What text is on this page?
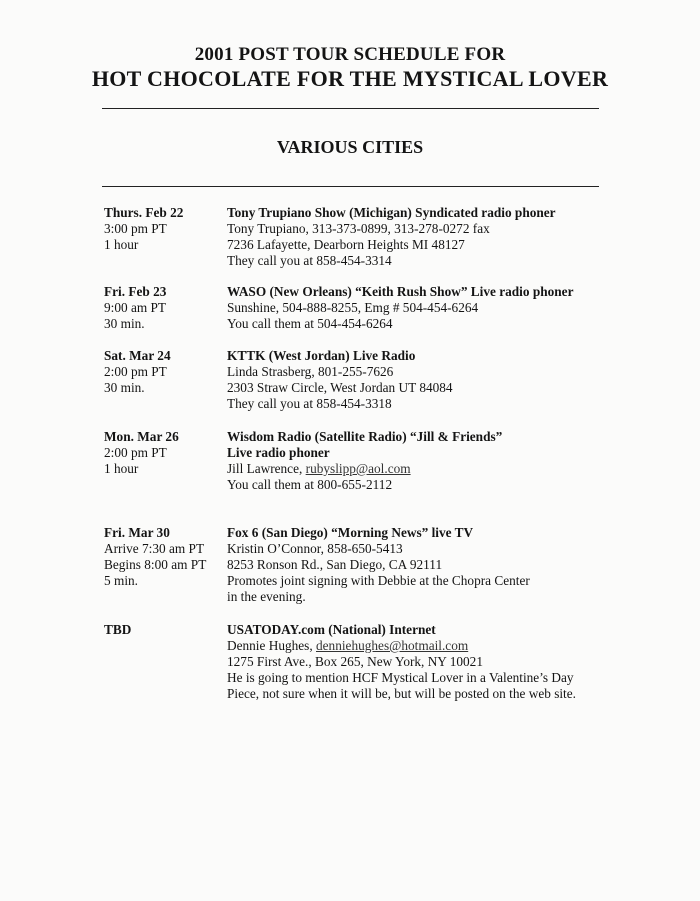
2001 POST TOUR SCHEDULE FOR
HOT CHOCOLATE FOR THE MYSTICAL LOVER
VARIOUS CITIES
Thurs. Feb 22
3:00 pm PT
1 hour
Tony Trupiano Show (Michigan) Syndicated radio phoner
Tony Trupiano, 313-373-0899, 313-278-0272 fax
7236 Lafayette, Dearborn Heights MI 48127
They call you at 858-454-3314
Fri. Feb 23
9:00 am PT
30 min.
WASO (New Orleans) “Keith Rush Show” Live radio phoner
Sunshine, 504-888-8255, Emg # 504-454-6264
You call them at 504-454-6264
Sat. Mar 24
2:00 pm PT
30 min.
KTTK (West Jordan) Live Radio
Linda Strasberg, 801-255-7626
2303 Straw Circle, West Jordan UT 84084
They call you at 858-454-3318
Mon. Mar 26
2:00 pm PT
1 hour
Wisdom Radio (Satellite Radio) “Jill & Friends”
Live radio phoner
Jill Lawrence, rubyslipp@aol.com
You call them at 800-655-2112
Fri. Mar 30
Arrive 7:30 am PT
Begins 8:00 am PT
5 min.
Fox 6 (San Diego) “Morning News” live TV
Kristin O’Connor, 858-650-5413
8253 Ronson Rd., San Diego, CA 92111
Promotes joint signing with Debbie at the Chopra Center
in the evening.
TBD	USATODAY.com (National) Internet
Dennie Hughes, denniehughes@hotmail.com
1275 First Ave., Box 265, New York, NY 10021
He is going to mention HCF Mystical Lover in a Valentine’s Day
Piece, not sure when it will be, but will be posted on the web site.
